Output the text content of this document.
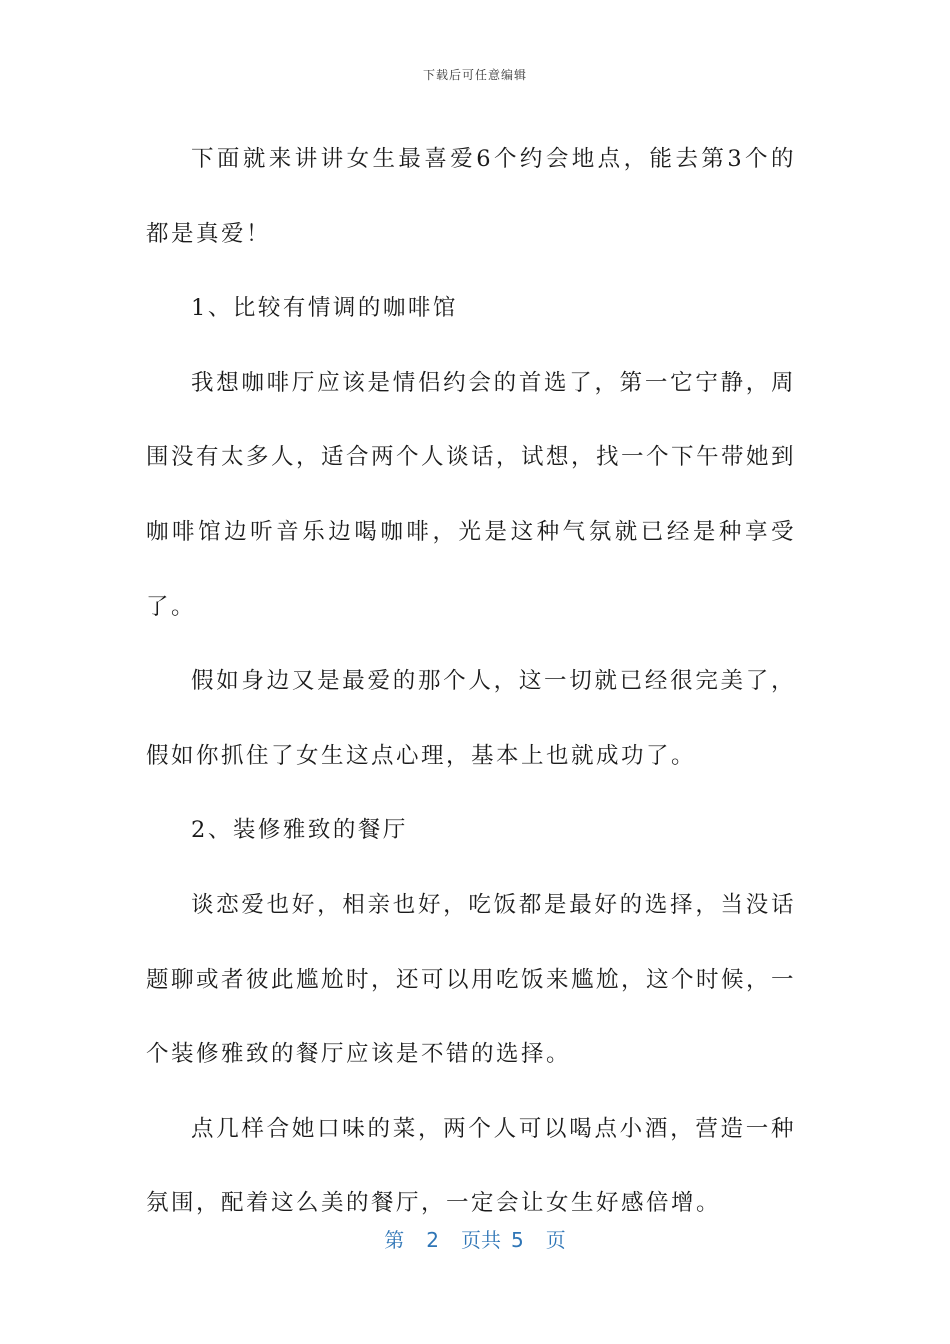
下载后可任意编辑

下面就来讲讲女生最喜爱6个约会地点，能去第3个的都是真爱！

1、比较有情调的咖啡馆

我想咖啡厅应该是情侣约会的首选了，第一它宁静，周围没有太多人，适合两个人谈话，试想，找一个下午带她到咖啡馆边听音乐边喝咖啡，光是这种气氛就已经是种享受了。

假如身边又是最爱的那个人，这一切就已经很完美了，假如你抓住了女生这点心理，基本上也就成功了。

2、装修雅致的餐厅

谈恋爱也好，相亲也好，吃饭都是最好的选择，当没话题聊或者彼此尴尬时，还可以用吃饭来尴尬，这个时候，一个装修雅致的餐厅应该是不错的选择。

点几样合她口味的菜，两个人可以喝点小酒，营造一种氛围，配着这么美的餐厅，一定会让女生好感倍增。

第 2 页共 5 页
